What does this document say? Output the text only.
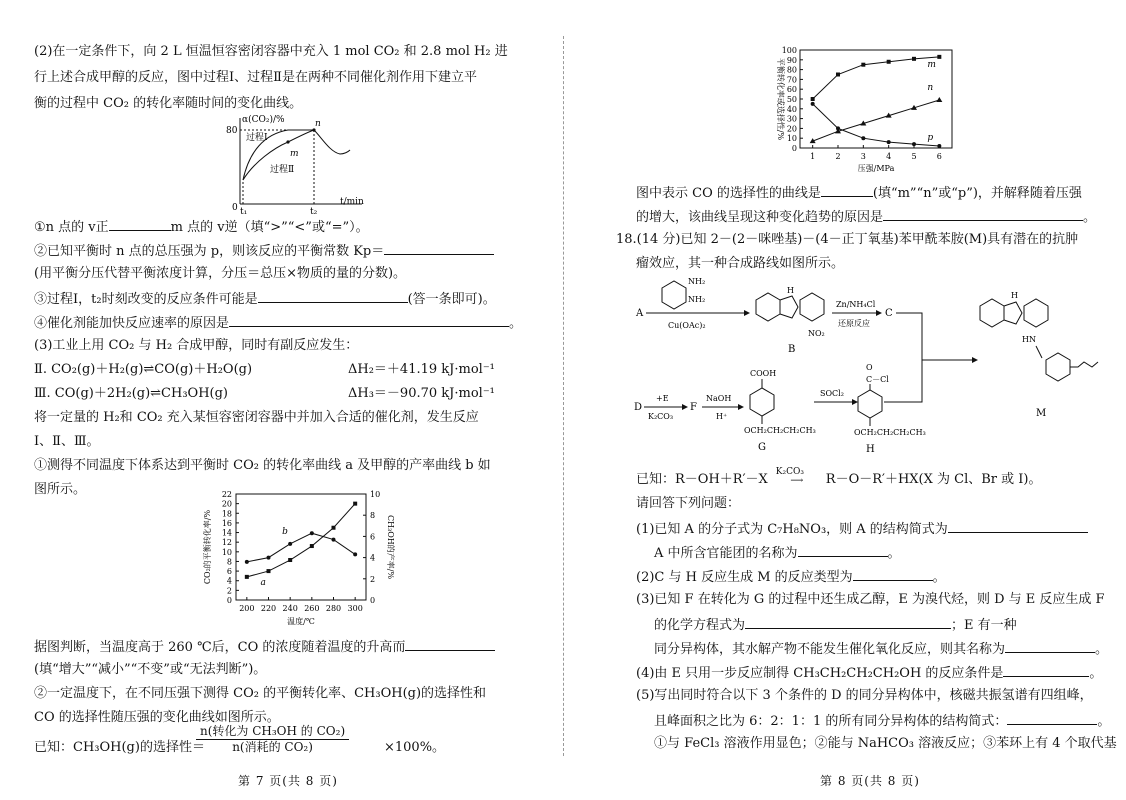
(2)在一定条件下，向 2 L 恒温恒容密闭容器中充入 1 mol CO₂ 和 2.8 mol H₂ 进
行上述合成甲醇的反应，图中过程Ⅰ、过程Ⅱ是在两种不同催化剂作用下建立平
衡的过程中 CO₂ 的转化率随时间的变化曲线。
α(CO₂)/%
80
n
m
过程Ⅰ
过程Ⅱ
t/min
t₁	t₂
0
①n 点的 v正	m 点的 v逆（填“>”“<”或“=”）。
②已知平衡时 n 点的总压强为 p，则该反应的平衡常数 Kp＝
(用平衡分压代替平衡浓度计算，分压＝总压×物质的量的分数)。
③过程Ⅰ，t₂时刻改变的反应条件可能是	(答一条即可)。
④催化剂能加快反应速率的原因是	。
(3)工业上用 CO₂ 与 H₂ 合成甲醇，同时有副反应发生：
Ⅱ. CO₂(g)＋H₂(g)⇌CO(g)＋H₂O(g)	ΔH₂＝＋41.19 kJ·mol⁻¹
Ⅲ. CO(g)＋2H₂(g)⇌CH₃OH(g)	ΔH₃＝－90.70 kJ·mol⁻¹
将一定量的 H₂和 CO₂ 充入某恒容密闭容器中并加入合适的催化剂，发生反应
Ⅰ、Ⅱ、Ⅲ。
①测得不同温度下体系达到平衡时 CO₂ 的转化率曲线 a 及甲醇的产率曲线 b 如
图所示。
0
2
4
6
8
10
12
14
16
18
20
22
0
2
4
6
8
10
200 220 240 260 280 300
温度/℃
CO₂的平衡转化率/%	CH₃OH的产率/%
a
b
据图判断，当温度高于 260 ℃后，CO 的浓度随着温度的升高而
(填“增大”“减小”“不变”或“无法判断”)。
②一定温度下，在不同压强下测得 CO₂ 的平衡转化率、CH₃OH(g)的选择性和
CO 的选择性随压强的变化曲线如图所示。
已知：CH₃OH(g)的选择性＝
n(转化为 CH₃OH 的 CO₂)
n(消耗的 CO₂)	×100%。
第 7 页(共 8 页)
0
10
20
30
40
50
60
70
80
90
100
1	2	3	4	5	6
压强/MPa
平衡转化率或选择性/%	m
n
p
图中表示 CO 的选择性的曲线是	(填“m”“n”或“p”)，并解释随着压强
的增大，该曲线呈现这种变化趋势的原因是	。
18.(14 分)已知 2－(2－咪唑基)－(4－正丁氧基)苯甲酰苯胺(M)具有潜在的抗肿
瘤效应，其一种合成路线如图所示。
A
NH₂
NH₂
Cu(OAc)₂
H
NO₂
B
Zn/NH₄Cl
还原反应
C
D
+E
K₂CO₃
F
NaOH
H⁺
COOH
OCH₂CH₂CH₂CH₃
G
SOCl₂
O
C－Cl
OCH₂CH₂CH₂CH₃
H
H
HN
M
已知：R－OH＋R′－X K₂CO₃
⟶ R－O－R′＋HX(X 为 Cl、Br 或 I)。
请回答下列问题：
(1)已知 A 的分子式为 C₇H₈NO₃，则 A 的结构简式为
A 中所含官能团的名称为	。
(2)C 与 H 反应生成 M 的反应类型为	。
(3)已知 F 在转化为 G 的过程中还生成乙醇，E 为溴代烃，则 D 与 E 反应生成 F
的化学方程式为	；E 有一种
同分异构体，其水解产物不能发生催化氧化反应，则其名称为	。
(4)由 E 只用一步反应制得 CH₃CH₂CH₂CH₂OH 的反应条件是	。
(5)写出同时符合以下 3 个条件的 D 的同分异构体中，核磁共振氢谱有四组峰，
且峰面积之比为 6：2：1：1 的所有同分异构体的结构简式：	。
①与 FeCl₃ 溶液作用显色；②能与 NaHCO₃ 溶液反应；③苯环上有 4 个取代基
第 8 页(共 8 页)
